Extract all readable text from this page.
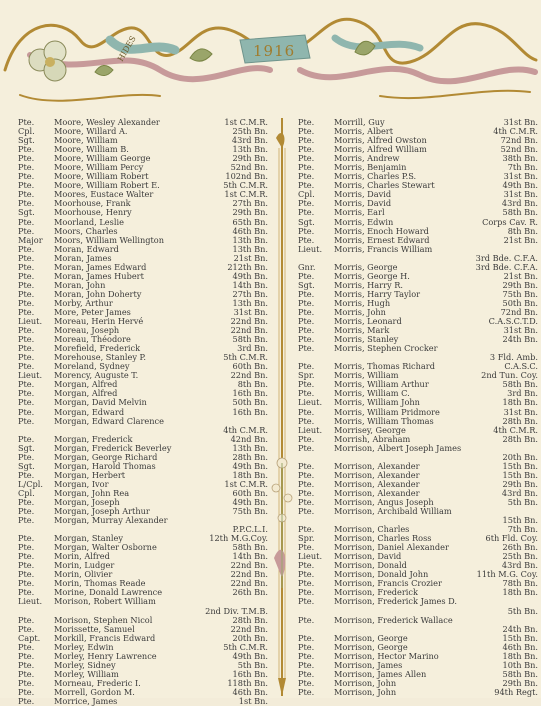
1916
HIDES
Pte.	Moore, Wesley Alexander	1st C.M.R.
Cpl.	Moore, Willard A.	25th Bn.
Sgt.	Moore, William	43rd Bn.
Pte.	Moore, William B.	13th Bn.
Pte.	Moore, William George	29th Bn.
Pte.	Moore, William Percy	52nd Bn.
Pte.	Moore, William Robert	102nd Bn.
Pte.	Moore, William Robert E.	5th C.M.R.
Pte.	Moores, Eustace Walter	1st C.M.R.
Pte.	Moorhouse, Frank	27th Bn.
Sgt.	Moorhouse, Henry	29th Bn.
Pte.	Moorland, Leslie	65th Bn.
Pte.	Moors, Charles	46th Bn.
Major	Moors, William Wellington	13th Bn.
Pte.	Moran, Edward	13th Bn.
Pte.	Moran, James	21st Bn.
Pte.	Moran, James Edward	212th Bn.
Pte.	Moran, James Hubert	49th Bn.
Pte.	Moran, John	14th Bn.
Pte.	Moran, John Doherty	27th Bn.
Pte.	Morby, Arthur	13th Bn.
Pte.	More, Peter James	31st Bn.
Lieut.	Moreau, Herin Hervé	22nd Bn.
Pte.	Moreau, Joseph	22nd Bn.
Pte.	Moreau, Théodore	58th Bn.
Pte.	Morefield, Frederick	3rd Bn.
Pte.	Morehouse, Stanley P.	5th C.M.R.
Pte.	Moreland, Sydney	60th Bn.
Lieut.	Morency, Auguste T.	22nd Bn.
Pte.	Morgan, Alfred	8th Bn.
Pte.	Morgan, Alfred	16th Bn.
Pte.	Morgan, David Melvin	50th Bn.
Pte.	Morgan, Edward	16th Bn.
Pte.	Morgan, Edward Clarence
4th C.M.R.
Pte.	Morgan, Frederick	42nd Bn.
Sgt.	Morgan, Frederick Beverley	13th Bn.
Pte.	Morgan, George Richard	28th Bn.
Sgt.	Morgan, Harold Thomas	49th Bn.
Pte.	Morgan, Herbert	18th Bn.
L/Cpl.	Morgan, Ivor	1st C.M.R.
Cpl.	Morgan, John Rea	60th Bn.
Pte.	Morgan, Joseph	49th Bn.
Pte.	Morgan, Joseph Arthur	75th Bn.
Pte.	Morgan, Murray Alexander
P.P.C.L.I.
Pte.	Morgan, Stanley	12th M.G.Coy.
Pte.	Morgan, Walter Osborne	58th Bn.
Pte.	Morin, Alfred	14th Bn.
Pte.	Morin, Ludger	22nd Bn.
Pte.	Morin, Olivier	22nd Bn.
Pte.	Morin, Thomas Reade	22nd Bn.
Pte.	Morine, Donald Lawrence	26th Bn.
Lieut.	Morison, Robert William
2nd Div. T.M.B.
Pte.	Morison, Stephen Nicol	28th Bn.
Pte.	Morissette, Samuel	22nd Bn.
Capt.	Morkill, Francis Edward	20th Bn.
Pte.	Morley, Edwin	5th C.M.R.
Pte.	Morley, Henry Lawrence	49th Bn.
Pte.	Morley, Sidney	5th Bn.
Pte.	Morley, William	16th Bn.
Pte.	Morneau, Frederic I.	118th Bn.
Pte.	Morrell, Gordon M.	46th Bn.
Pte.	Morrice, James	1st Bn.
Pte.	Morrill, Guy	31st Bn.
Pte.	Morris, Albert	4th C.M.R.
Pte.	Morris, Alfred Owston	72nd Bn.
Pte.	Morris, Alfred William	52nd Bn.
Pte.	Morris, Andrew	38th Bn.
Pte.	Morris, Benjamin	7th Bn.
Pte.	Morris, Charles P.S.	31st Bn.
Pte.	Morris, Charles Stewart	49th Bn.
Cpl.	Morris, David	31st Bn.
Pte.	Morris, David	43rd Bn.
Pte.	Morris, Earl	58th Bn.
Sgt.	Morris, Edwin	Corps Cav. R.
Pte.	Morris, Enoch Howard	8th Bn.
Pte.	Morris, Ernest Edward	21st Bn.
Lieut.	Morris, Francis William
3rd Bde. C.F.A.
Gnr.	Morris, George	3rd Bde. C.F.A.
Pte.	Morris, George H.	21st Bn.
Sgt.	Morris, Harry R.	29th Bn.
Pte.	Morris, Harry Taylor	75th Bn.
Pte.	Morris, Hugh	50th Bn.
Pte.	Morris, John	72nd Bn.
Pte.	Morris, Leonard	C.A.S.C.T.D.
Pte.	Morris, Mark	31st Bn.
Pte.	Morris, Stanley	24th Bn.
Pte.	Morris, Stephen Crocker
3 Fld. Amb.
Pte.	Morris, Thomas Richard	C.A.S.C.
Spr.	Morris, William	2nd Tun. Coy.
Pte.	Morris, William Arthur	58th Bn.
Pte.	Morris, William C.	3rd Bn.
Lieut.	Morris, William John	18th Bn.
Pte.	Morris, William Pridmore	31st Bn.
Pte.	Morris, William Thomas	28th Bn.
Lieut.	Morrisey, George	4th C.M.R.
Pte.	Morrish, Abraham	28th Bn.
Pte.	Morrison, Albert Joseph James
20th Bn.
Pte.	Morrison, Alexander	15th Bn.
Pte.	Morrison, Alexander	15th Bn.
Pte.	Morrison, Alexander	29th Bn.
Pte.	Morrison, Alexander	43rd Bn.
Pte.	Morrison, Angus Joseph	5th Bn.
Pte.	Morrison, Archibald William
15th Bn.
Pte.	Morrison, Charles	7th Bn.
Spr.	Morrison, Charles Ross	6th Fld. Coy.
Pte.	Morrison, Daniel Alexander	26th Bn.
Lieut.	Morrison, David	25th Bn.
Pte.	Morrison, Donald	43rd Bn.
Pte.	Morrison, Donald John	11th M.G. Coy.
Pte.	Morrison, Francis Crozier	78th Bn.
Pte.	Morrison, Frederick	18th Bn.
Pte.	Morrison, Frederick James D.
5th Bn.
Pte.	Morrison, Frederick Wallace
24th Bn.
Pte.	Morrison, George	15th Bn.
Pte.	Morrison, George	46th Bn.
Pte.	Morrison, Hector Marino	18th Bn.
Pte.	Morrison, James	10th Bn.
Pte.	Morrison, James Allen	58th Bn.
Pte.	Morrison, John	29th Bn.
Pte.	Morrison, John	94th Regt.
